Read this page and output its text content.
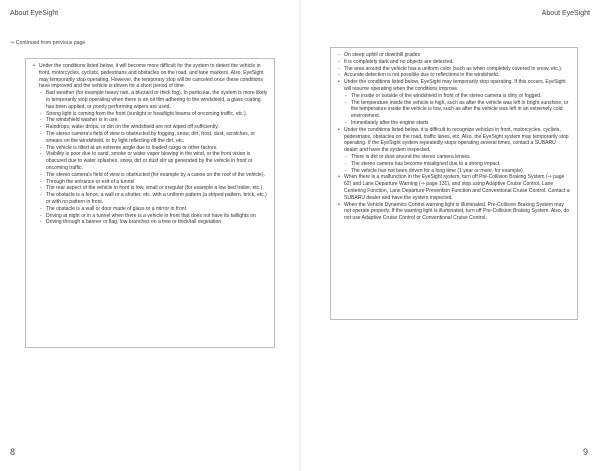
About EyeSight	About EyeSight
⇒ Continued from previous page
• Under the conditions listed below, it will become more difficult for the system to detect the vehicle in front, motorcycles, cyclists, pedestrians and obstacles on the road, and lane markers. Also, EyeSight may temporarily stop operating. However, the temporary stop will be canceled once these conditions have improved and the vehicle is driven for a short period of time.
- Bad weather (for example heavy rain, a blizzard or thick fog). In particular, the system is more likely to temporarily stop operating when there is an oil film adhering to the windshield, a glass coating has been applied, or poorly performing wipers are used.
- Strong light is coming from the front (sunlight or headlight beams of oncoming traffic, etc.).
- The windshield washer is in use.
- Raindrops, water drops, or dirt on the windshield are not wiped off sufficiently.
- The stereo camera's field of view is obstructed by fogging, snow, dirt, frost, dust, scratches, or smears on the windshield, or by light reflecting off the dirt, etc.
- The vehicle is tilted at an extreme angle due to loaded cargo or other factors.
- Visibility is poor due to sand, smoke or water vapor blowing in the wind, or the front vision is obscured due to water splashes, snow, dirt or dust stir up generated by the vehicle in front or oncoming traffic.
- The stereo camera's field of view is obstructed (for example by a canoe on the roof of the vehicle).
- Through the entrance or exit of a tunnel
- The rear aspect of the vehicle in front is low, small or irregular (for example a low bed trailer, etc.).
- The obstacle is a fence, a wall or a shutter, etc. with a uniform pattern (a striped pattern, brick, etc.) or with no pattern in front.
- The obstacle is a wall or door made of glass or a mirror in front.
- Driving at night or in a tunnel when there is a vehicle in front that does not have its taillights on
- Driving through a banner or flag, low branches on a tree or thick/tall vegetation
- On steep uphill or downhill grades
- It is completely dark and no objects are detected.
- The area around the vehicle has a uniform color (such as when completely covered in snow, etc.).
- Accurate detection is not possible due to reflections in the windshield.
• Under the conditions listed below, EyeSight may temporarily stop operating. If this occurs, EyeSight will resume operating when the conditions improve.
- The inside or outside of the windshield in front of the stereo camera is dirty or fogged.
- The temperature inside the vehicle is high, such as after the vehicle was left in bright sunshine, or the temperature inside the vehicle is low, such as after the vehicle was left in an extremely cold environment.
- Immediately after the engine starts
• Under the conditions listed below, it is difficult to recognize vehicles in front, motorcycles, cyclists, pedestrians, obstacles on the road, traffic lanes, etc. Also, the EyeSight system may temporarily stop operating. If the EyeSight system repeatedly stops operating several times, contact a SUBARU dealer and have the system inspected.
- There is dirt or dust around the stereo camera lenses.
- The stereo camera has become misaligned due to a strong impact.
- The vehicle has not been driven for a long time (1 year or more, for example).
• When there is a malfunction in the EyeSight system, turn off Pre-Collision Braking System (⇒ page 62) and Lane Departure Warning (⇒ page 131), and stop using Adaptive Cruise Control, Lane Centering Function, Lane Departure Prevention Function and Conventional Cruise Control. Contact a SUBARU dealer and have the system inspected.
• When the Vehicle Dynamics Control warning light is illuminated, Pre-Collision Braking System may not operate properly. If the warning light is illuminated, turn off Pre-Collision Braking System. Also, do not use Adaptive Cruise Control or Conventional Cruise Control.
8	9
